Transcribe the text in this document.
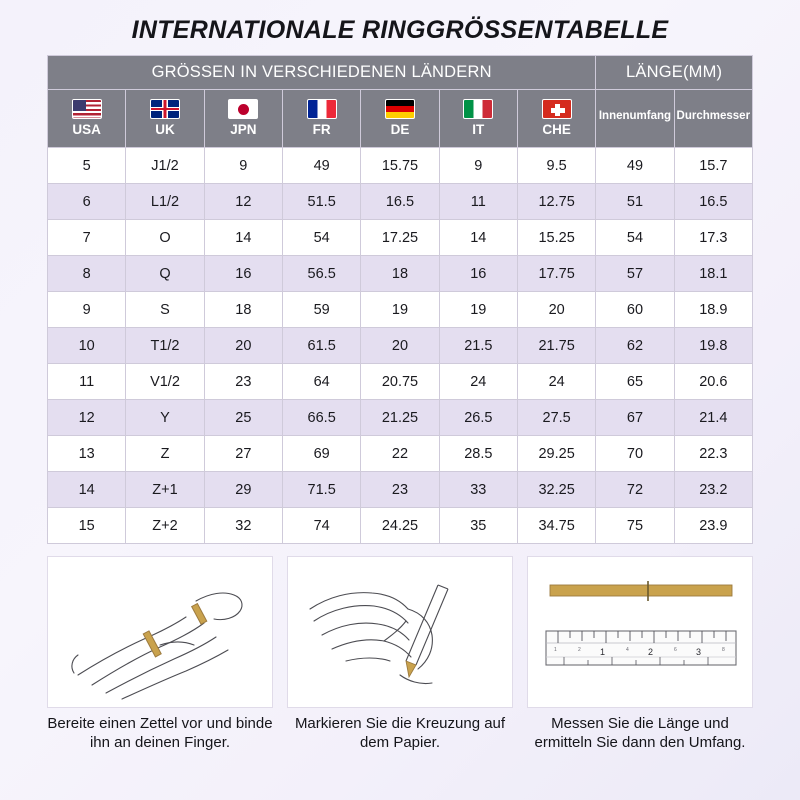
INTERNATIONALE RINGGRÖSSENTABELLE
GRÖSSEN IN VERSCHIEDENEN LÄNDERN							LÄNGE(MM)	

USA	UK	JPN	FR	DE	IT	CHE	Innenumfang	Durchmesser
5	J1/2	9	49	15.75	9	9.5	49	15.7
6	L1/2	12	51.5	16.5	11	12.75	51	16.5
7	O	14	54	17.25	14	15.25	54	17.3
8	Q	16	56.5	18	16	17.75	57	18.1
9	S	18	59	19	19	20	60	18.9
10	T1/2	20	61.5	20	21.5	21.75	62	19.8
11	V1/2	23	64	20.75	24	24	65	20.6
12	Y	25	66.5	21.25	26.5	27.5	67	21.4
13	Z	27	69	22	28.5	29.25	70	22.3
14	Z+1	29	71.5	23	33	32.25	72	23.2
15	Z+2	32	74	24.25	35	34.75	75	23.9
Bereite einen Zettel vor und binde ihn an deinen Finger.
Markieren Sie die Kreuzung auf dem Papier.
1	2	3
1	2	4	6	8
Messen Sie die Länge und ermitteln Sie dann den Umfang.
